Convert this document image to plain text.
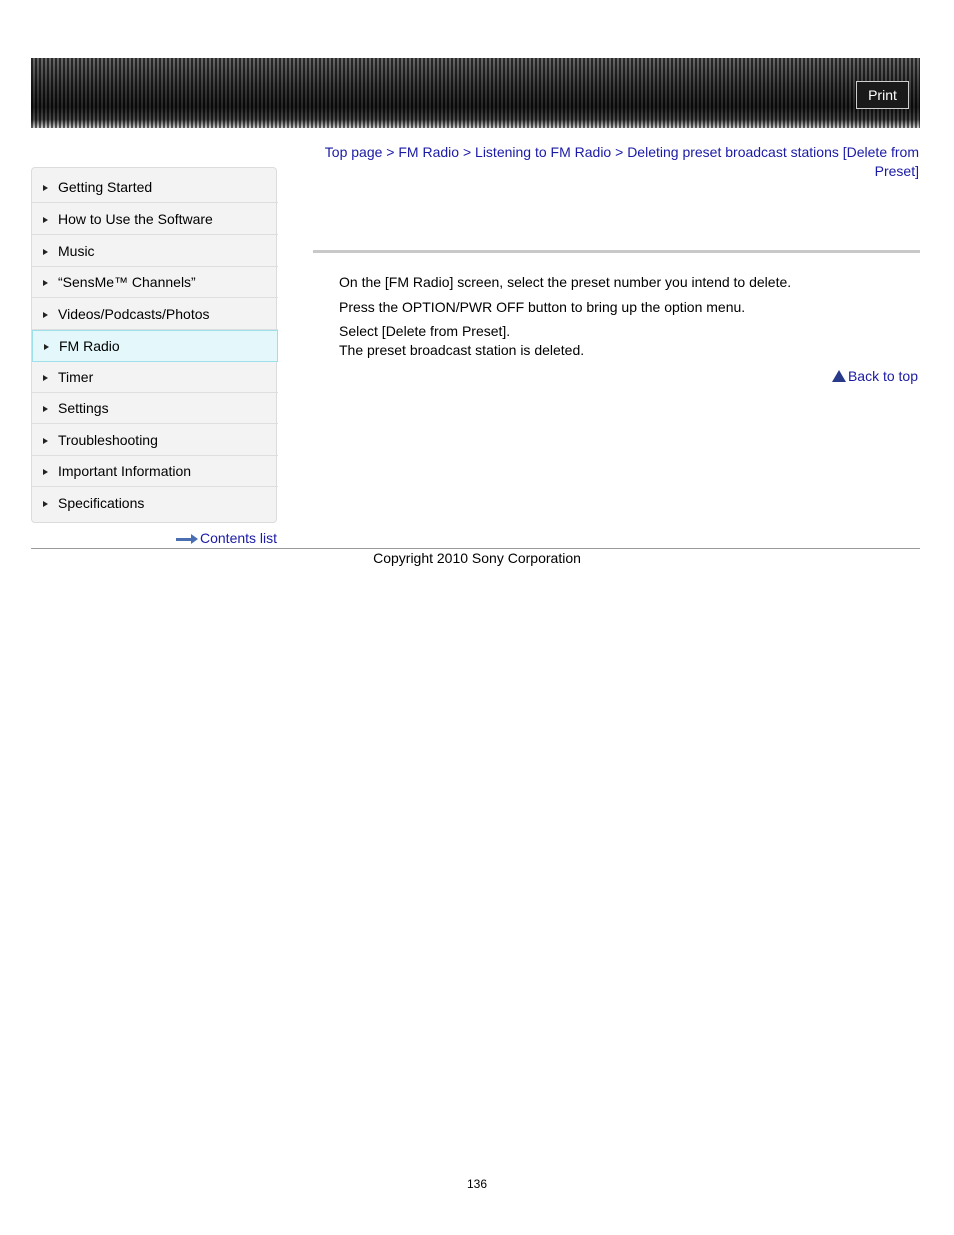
Print
Top page > FM Radio > Listening to FM Radio > Deleting preset broadcast stations [Delete from Preset]
Getting Started
How to Use the Software
Music
“SensMe™ Channels”
Videos/Podcasts/Photos
FM Radio
Timer
Settings
Troubleshooting
Important Information
Specifications
Contents list
On the [FM Radio] screen, select the preset number you intend to delete.
Press the OPTION/PWR OFF button to bring up the option menu.
Select [Delete from Preset].
The preset broadcast station is deleted.
Back to top
Copyright 2010 Sony Corporation
136
